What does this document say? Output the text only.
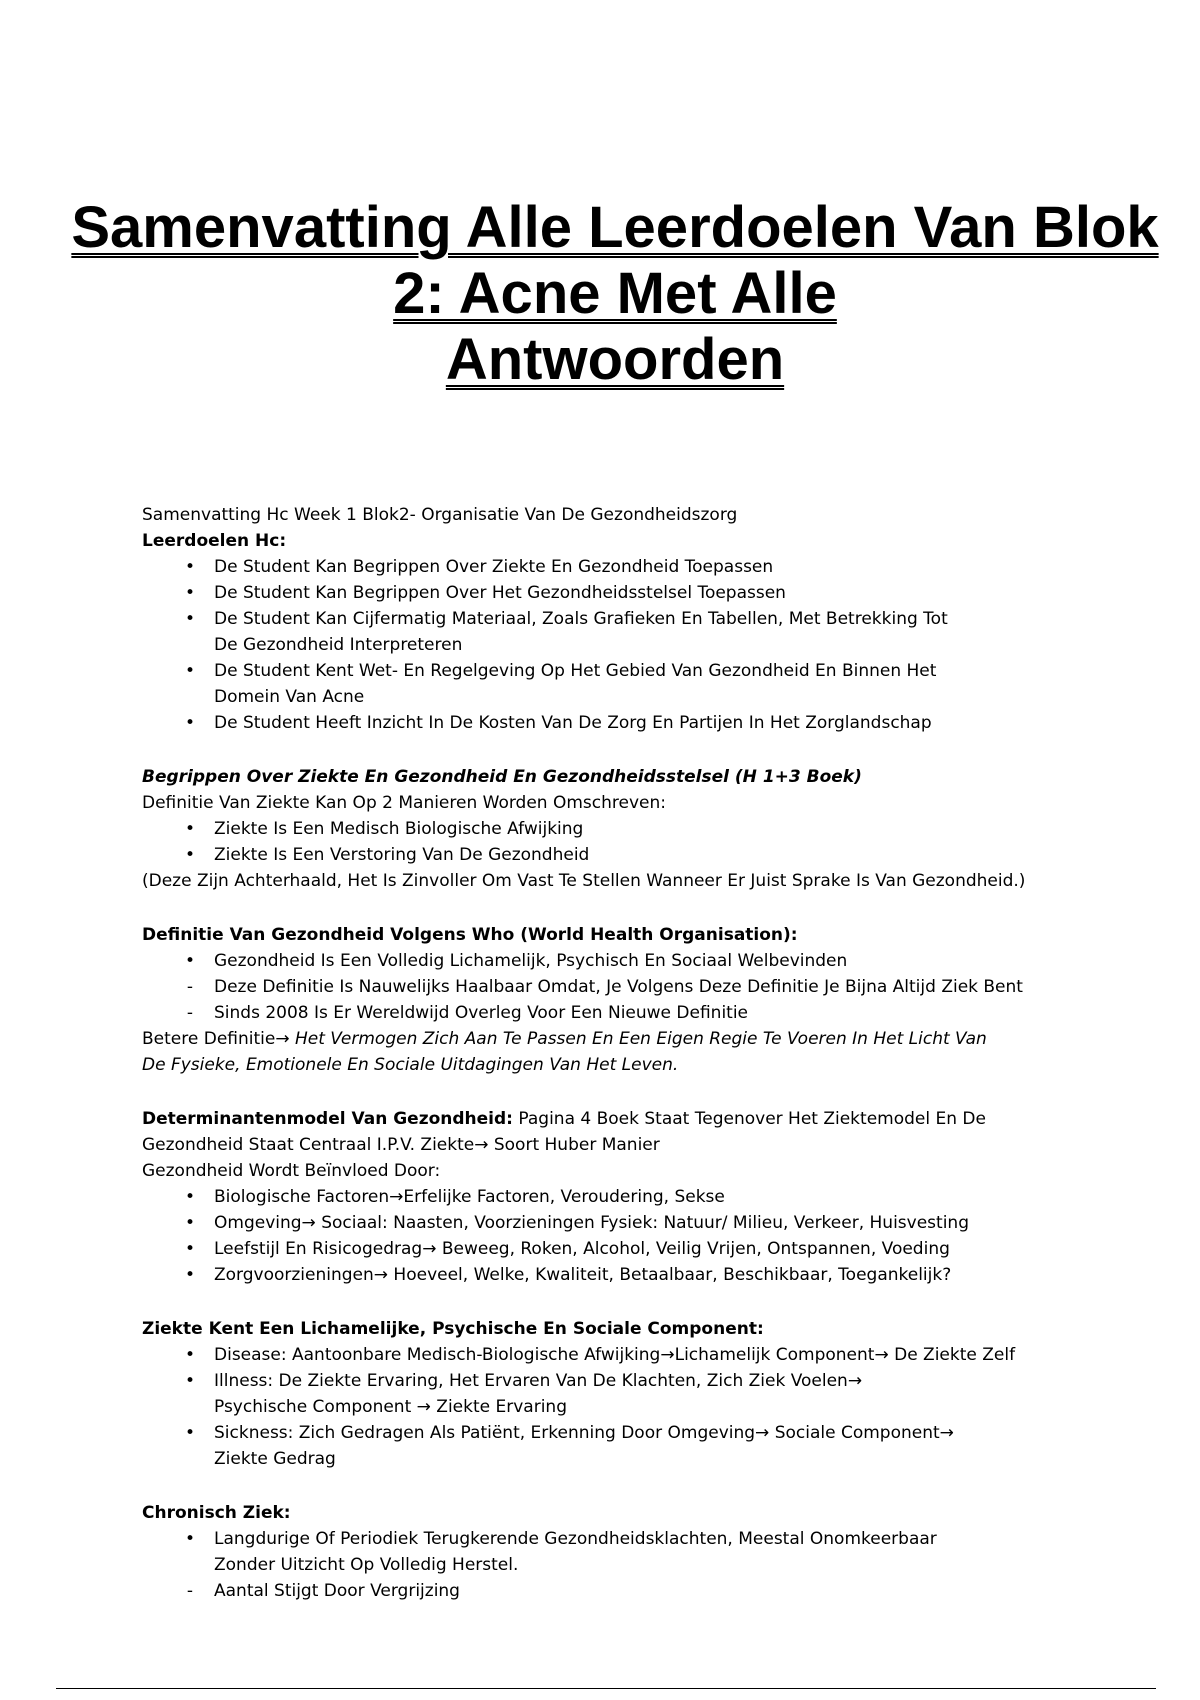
Samenvatting Alle Leerdoelen Van Blok
2: Acne Met Alle
Antwoorden

Samenvatting Hc Week 1 Blok2- Organisatie Van De Gezondheidszorg

Leerdoelen Hc:

• De Student Kan Begrippen Over Ziekte En Gezondheid Toepassen
• De Student Kan Begrippen Over Het Gezondheidsstelsel Toepassen
• De Student Kan Cijfermatig Materiaal, Zoals Grafieken En Tabellen, Met Betrekking Tot
De Gezondheid Interpreteren
• De Student Kent Wet- En Regelgeving Op Het Gebied Van Gezondheid En Binnen Het
Domein Van Acne
• De Student Heeft Inzicht In De Kosten Van De Zorg En Partijen In Het Zorglandschap

Begrippen Over Ziekte En Gezondheid En Gezondheidsstelsel (H 1+3 Boek)

Definitie Van Ziekte Kan Op 2 Manieren Worden Omschreven:

• Ziekte Is Een Medisch Biologische Afwijking
• Ziekte Is Een Verstoring Van De Gezondheid

(Deze Zijn Achterhaald, Het Is Zinvoller Om Vast Te Stellen Wanneer Er Juist Sprake Is Van Gezondheid.)

Definitie Van Gezondheid Volgens Who (World Health Organisation):

• Gezondheid Is Een Volledig Lichamelijk, Psychisch En Sociaal Welbevinden
- Deze Definitie Is Nauwelijks Haalbaar Omdat, Je Volgens Deze Definitie Je Bijna Altijd Ziek Bent
- Sinds 2008 Is Er Wereldwijd Overleg Voor Een Nieuwe Definitie

Betere Definitie→ Het Vermogen Zich Aan Te Passen En Een Eigen Regie Te Voeren In Het Licht Van

De Fysieke, Emotionele En Sociale Uitdagingen Van Het Leven.

Determinantenmodel Van Gezondheid: Pagina 4 Boek Staat Tegenover Het Ziektemodel En De

Gezondheid Staat Centraal I.P.V. Ziekte→ Soort Huber Manier

Gezondheid Wordt Beïnvloed Door:

• Biologische Factoren→Erfelijke Factoren, Veroudering, Sekse
• Omgeving→ Sociaal: Naasten, Voorzieningen Fysiek: Natuur/ Milieu, Verkeer, Huisvesting
• Leefstijl En Risicogedrag→ Beweeg, Roken, Alcohol, Veilig Vrijen, Ontspannen, Voeding
• Zorgvoorzieningen→ Hoeveel, Welke, Kwaliteit, Betaalbaar, Beschikbaar, Toegankelijk?

Ziekte Kent Een Lichamelijke, Psychische En Sociale Component:

• Disease: Aantoonbare Medisch-Biologische Afwijking→Lichamelijk Component→ De Ziekte Zelf
• Illness: De Ziekte Ervaring, Het Ervaren Van De Klachten, Zich Ziek Voelen→
Psychische Component → Ziekte Ervaring
• Sickness: Zich Gedragen Als Patiënt, Erkenning Door Omgeving→ Sociale Component→
Ziekte Gedrag

Chronisch Ziek:

• Langdurige Of Periodiek Terugkerende Gezondheidsklachten, Meestal Onomkeerbaar
Zonder Uitzicht Op Volledig Herstel.
- Aantal Stijgt Door Vergrijzing
